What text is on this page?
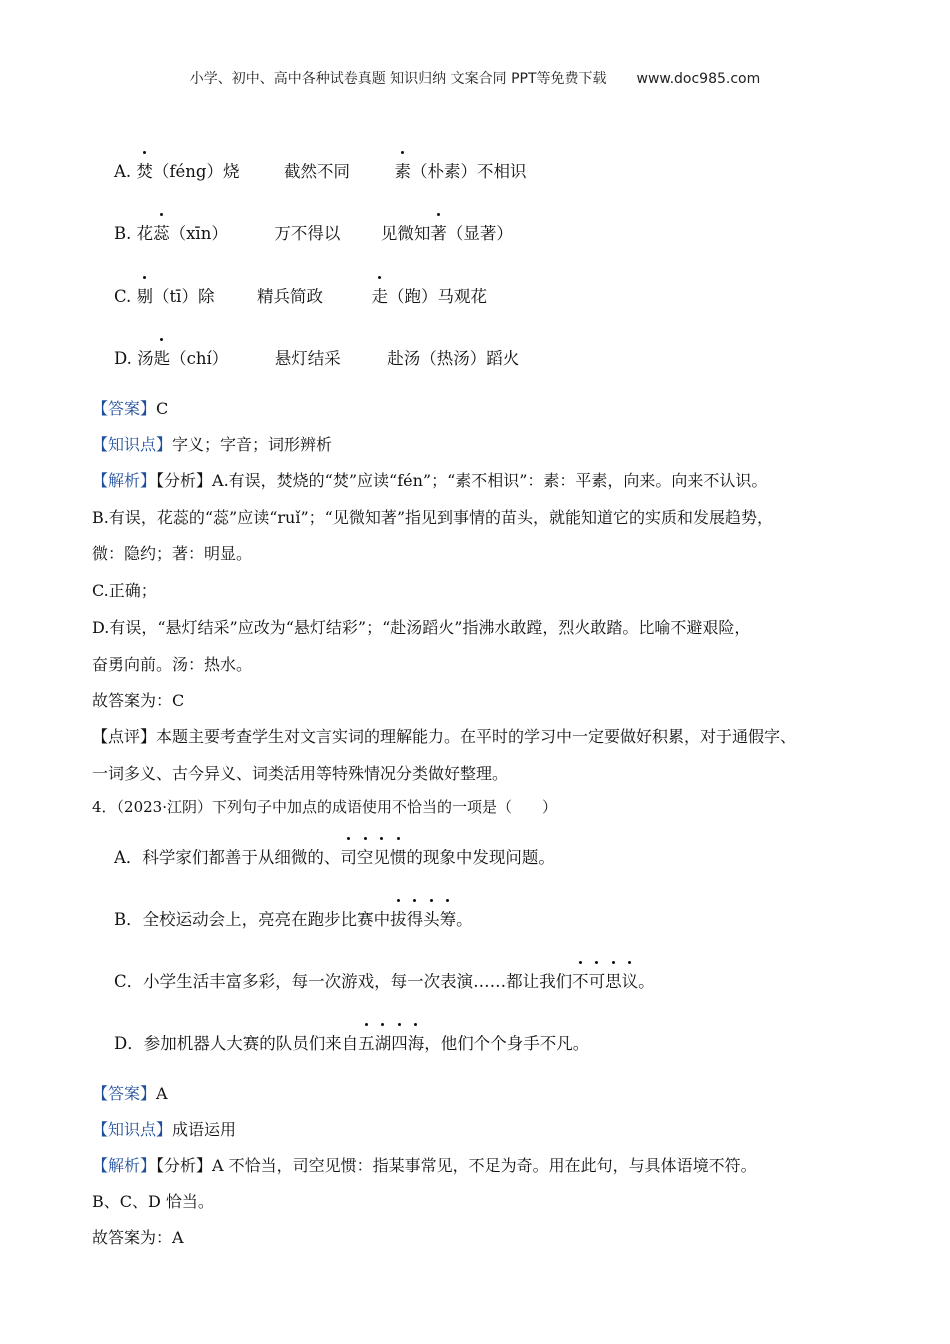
小学、初中、高中各种试卷真题 知识归纳 文案合同 PPT等免费下载 www.doc985.com
A. 焚（féng）烧	截然不同	素（朴素）不相识
B. 花蕊（xīn）	万不得以 见微知著（显著）
C. 剔（tī）除	精兵简政	走（跑）马观花
D. 汤匙（chí）	悬灯结采	赴汤（热汤）蹈火
【答案】C
【知识点】字义；字音；词形辨析
【解析】【分析】A.有误，焚烧的“焚”应读“fén”；“素不相识”：素：平素，向来。向来不认识。
B.有误，花蕊的“蕊”应读“ruǐ”；“见微知著”指见到事情的苗头，就能知道它的实质和发展趋势，
微：隐约；著：明显。
C.正确；
D.有误，“悬灯结采”应改为“悬灯结彩”；“赴汤蹈火”指沸水敢蹚，烈火敢踏。比喻不避艰险，
奋勇向前。汤：热水。
故答案为：C
【点评】本题主要考查学生对文言实词的理解能力。在平时的学习中一定要做好积累，对于通假字、
一词多义、古今异义、词类活用等特殊情况分类做好整理。
4．（2023·江阴）下列句子中加点的成语使用不恰当的一项是（　　）
A．科学家们都善于从细微的、司空见惯的现象中发现问题。
B．全校运动会上，亮亮在跑步比赛中拔得头筹。
C．小学生活丰富多彩，每一次游戏，每一次表演……都让我们不可思议。
D．参加机器人大赛的队员们来自五湖四海，他们个个身手不凡。
【答案】A
【知识点】成语运用
【解析】【分析】A 不恰当，司空见惯：指某事常见，不足为奇。用在此句，与具体语境不符。
B、C、D 恰当。
故答案为：A
